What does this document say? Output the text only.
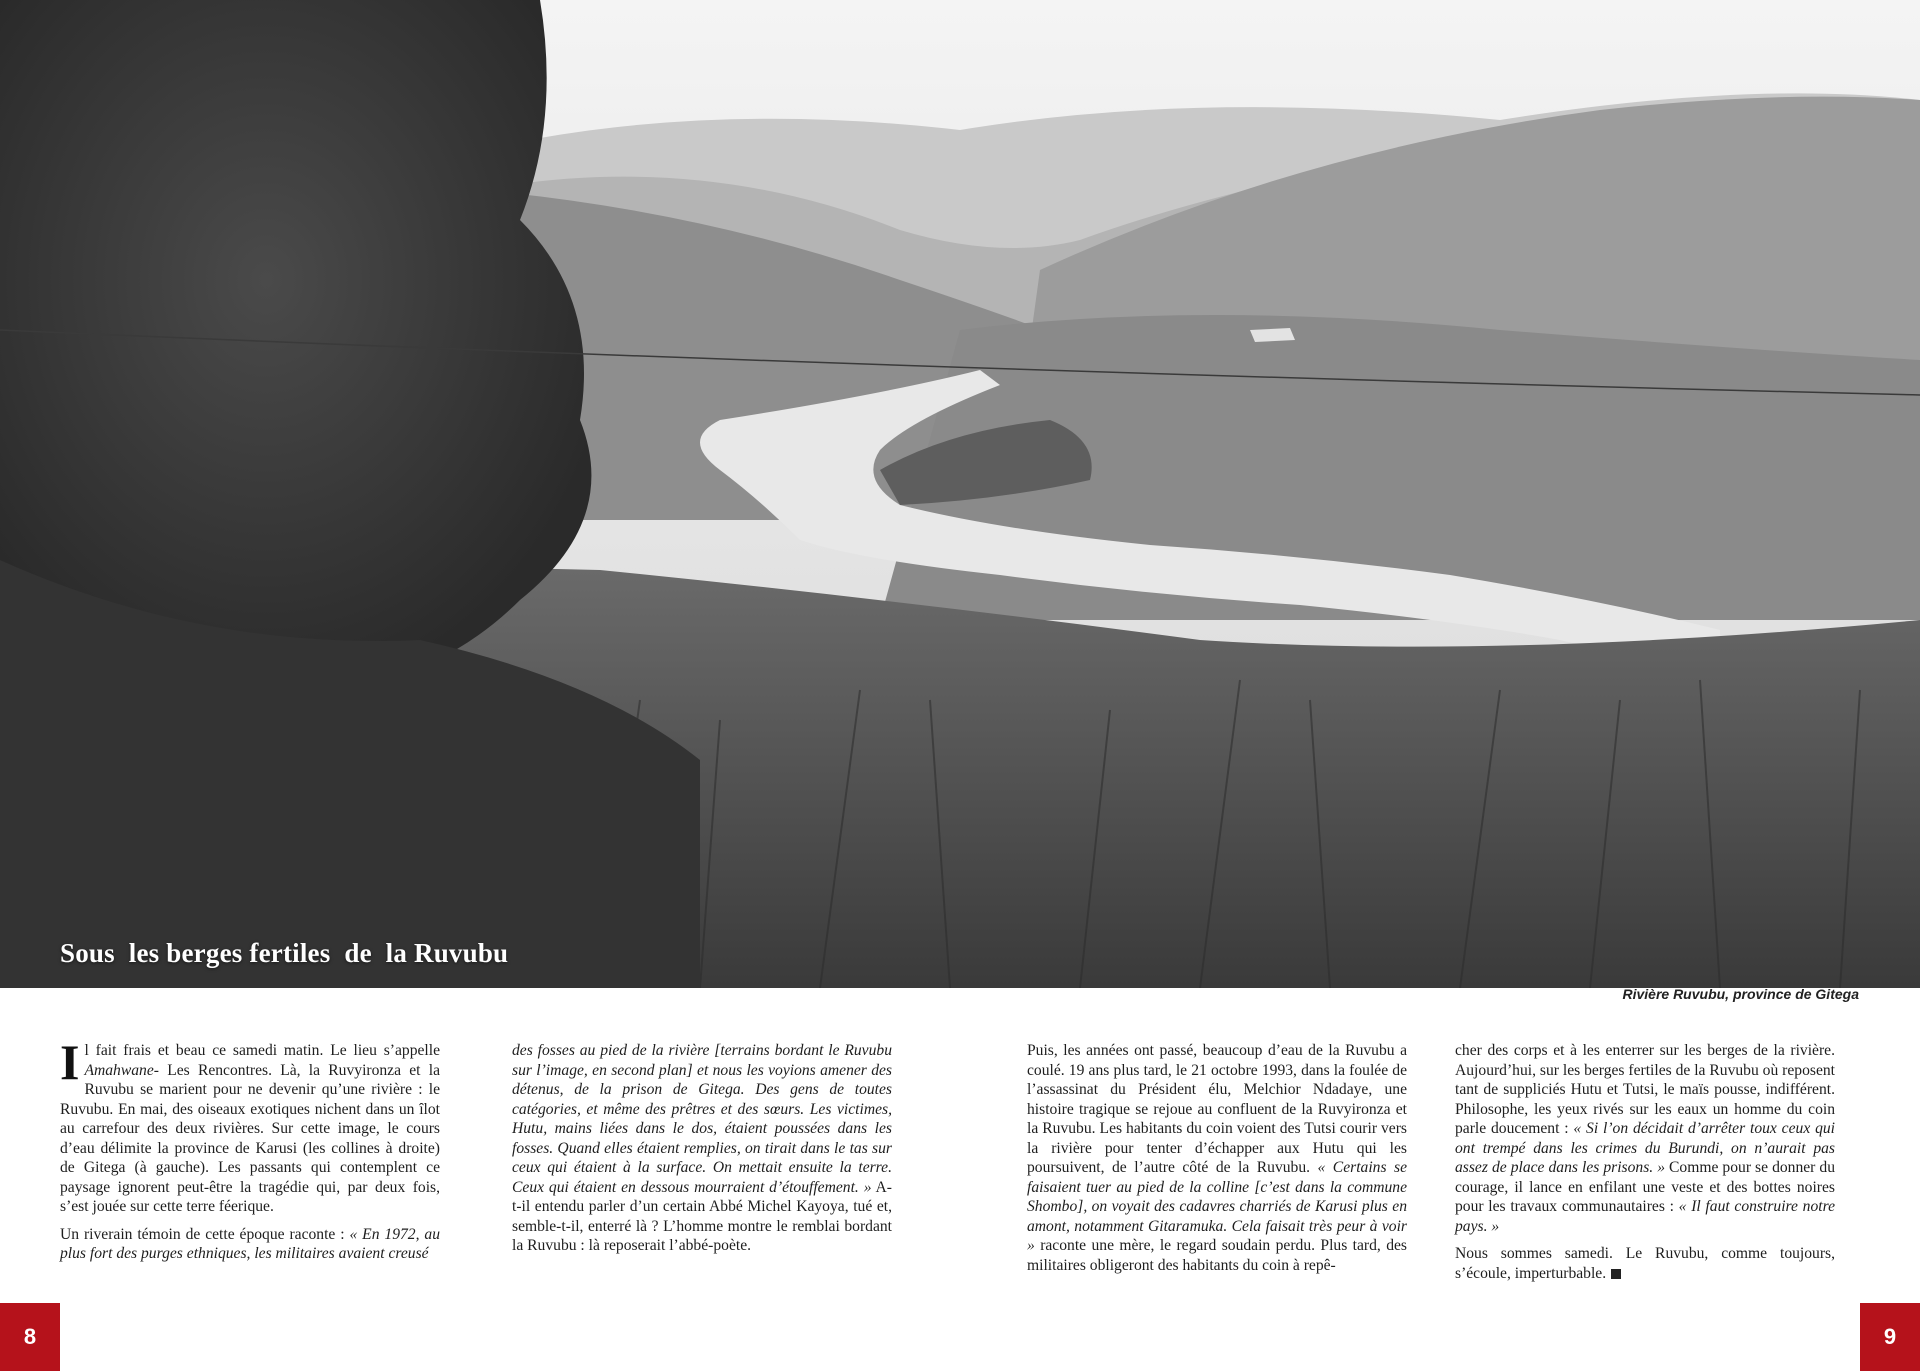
Sous  les berges fertiles  de  la Ruvubu
Rivière Ruvubu, province de Gitega

Il fait frais et beau ce samedi matin. Le lieu s’appelle Amahwane- Les Rencontres. Là, la Ruvyironza et la Ruvubu se marient pour ne devenir qu’une rivière : le Ruvubu. En mai, des oiseaux exotiques nichent dans un îlot au carrefour des deux rivières. Sur cette image, le cours d’eau délimite la province de Karusi (les collines à droite) de Gitega (à gauche). Les passants qui contemplent ce paysage ignorent peut-être la tragédie qui, par deux fois, s’est jouée sur cette terre féerique.

Un riverain témoin de cette époque raconte : « En 1972, au plus fort des purges ethniques, les militaires avaient creusé

des fosses au pied de la rivière [terrains bordant le Ruvubu sur l’image, en second plan] et nous les voyions amener des détenus, de la prison de Gitega. Des gens de toutes catégories, et même des prêtres et des sœurs. Les victimes, Hutu, mains liées dans le dos, étaient poussées dans les fosses. Quand elles étaient remplies, on tirait dans le tas sur ceux qui étaient à la surface. On mettait ensuite la terre. Ceux qui étaient en dessous mourraient d’étouffement. » A-t-il entendu parler d’un certain Abbé Michel Kayoya, tué et, semble-t-il, enterré là ? L’homme montre le remblai bordant la Ruvubu : là reposerait l’abbé-poète.

Puis, les années ont passé, beaucoup d’eau de la Ruvubu a coulé. 19 ans plus tard, le 21 octobre 1993, dans la foulée de l’assassinat du Président élu, Melchior Ndadaye, une histoire tragique se rejoue au confluent de la Ruvyironza et la Ruvubu. Les habitants du coin voient des Tutsi courir vers la rivière pour tenter d’échapper aux Hutu qui les poursuivent, de l’autre côté de la Ruvubu. « Certains se faisaient tuer au pied de la colline [c’est dans la commune Shombo], on voyait des cadavres charriés de Karusi plus en amont, notamment Gitaramuka. Cela faisait très peur à voir » raconte une mère, le regard soudain perdu. Plus tard, des militaires obligeront des habitants du coin à repê-

cher des corps et à les enterrer sur les berges de la rivière. Aujourd’hui, sur les berges fertiles de la Ruvubu où reposent tant de suppliciés Hutu et Tutsi, le maïs pousse, indifférent. Philosophe, les yeux rivés sur les eaux un homme du coin parle doucement : « Si l’on décidait d’arrêter toux ceux qui ont trempé dans les crimes du Burundi, on n’aurait pas assez de place dans les prisons. » Comme pour se donner du courage, il lance en enfilant une veste et des bottes noires pour les travaux communautaires : « Il faut construire notre pays. »

Nous sommes samedi. Le Ruvubu, comme toujours, s’écoule, imperturbable.

8	9
